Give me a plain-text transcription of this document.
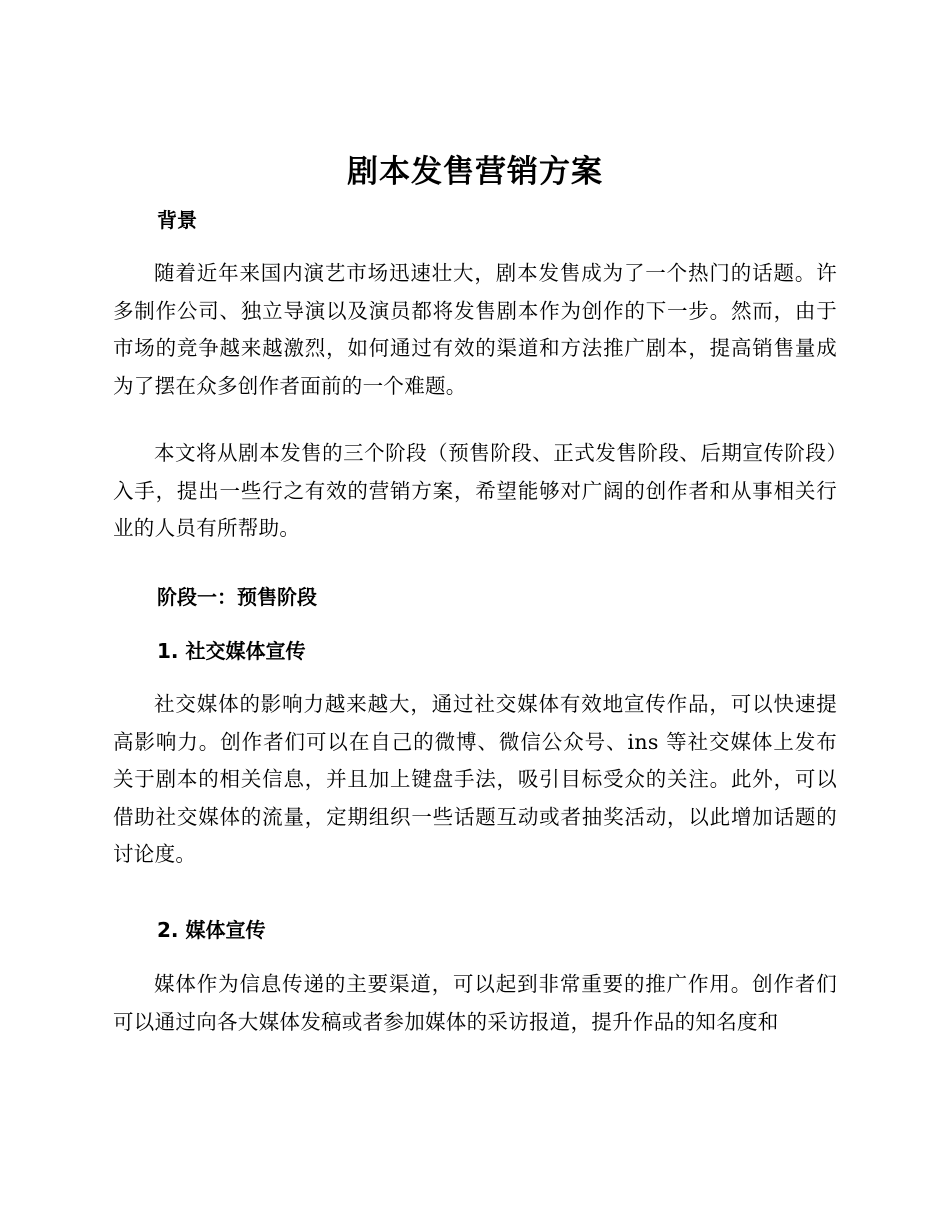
剧本发售营销方案
背景
随着近年来国内演艺市场迅速壮大，剧本发售成为了一个热门的话题。许多制作公司、独立导演以及演员都将发售剧本作为创作的下一步。然而，由于市场的竞争越来越激烈，如何通过有效的渠道和方法推广剧本，提高销售量成为了摆在众多创作者面前的一个难题。
本文将从剧本发售的三个阶段（预售阶段、正式发售阶段、后期宣传阶段）入手，提出一些行之有效的营销方案，希望能够对广阔的创作者和从事相关行业的人员有所帮助。
阶段一：预售阶段
1. 社交媒体宣传
社交媒体的影响力越来越大，通过社交媒体有效地宣传作品，可以快速提高影响力。创作者们可以在自己的微博、微信公众号、ins 等社交媒体上发布关于剧本的相关信息，并且加上键盘手法，吸引目标受众的关注。此外，可以借助社交媒体的流量，定期组织一些话题互动或者抽奖活动，以此增加话题的讨论度。
2. 媒体宣传
媒体作为信息传递的主要渠道，可以起到非常重要的推广作用。创作者们可以通过向各大媒体发稿或者参加媒体的采访报道，提升作品的知名度和
